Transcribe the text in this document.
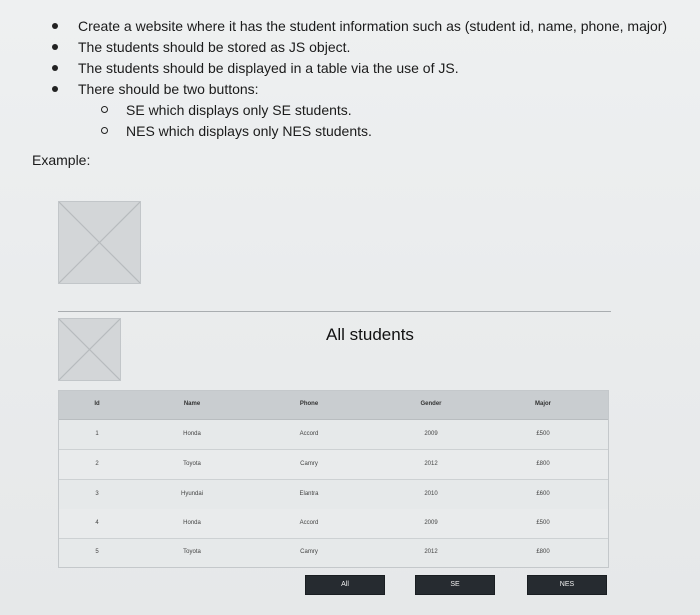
Create a website where it has the student information such as (student id, name, phone, major)
The students should be stored as JS object.
The students should be displayed in a table via the use of JS.
There should be two buttons:
SE which displays only SE students.
NES which displays only NES students.
Example:
All students
Id	Name	Phone	Gender	Major
1	Honda	Accord	2009	£500
2	Toyota	Camry	2012	£800
3	Hyundai	Elantra	2010	£600
4	Honda	Accord	2009	£500
5	Toyota	Camry	2012	£800
All	SE	NES
